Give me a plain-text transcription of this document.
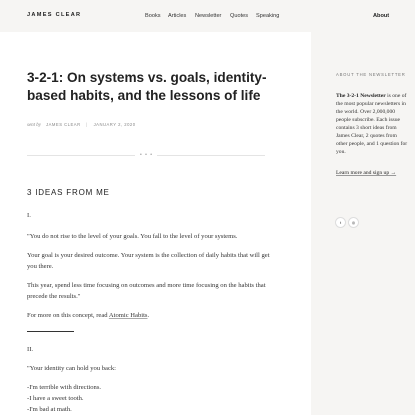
JAMES CLEAR	Books Articles Newsletter Quotes Speaking	About
3-2-1: On systems vs. goals, identity-based habits, and the lessons of life
sent by JAMES CLEAR | JANUARY 2, 2020
• • •
3 IDEAS FROM ME
I.
"You do not rise to the level of your goals. You fall to the level of your systems.
Your goal is your desired outcome. Your system is the collection of daily habits that will get you there.
This year, spend less time focusing on outcomes and more time focusing on the habits that precede the results."
For more on this concept, read Atomic Habits.
II.
"Your identity can hold you back:
-I'm terrible with directions.
-I have a sweet tooth.
-I'm bad at math.
ABOUT THE NEWSLETTER
The 3-2-1 Newsletter is one of the most popular newsletters in the world. Over 2,000,000 people subscribe. Each issue contains 3 short ideas from James Clear, 2 quotes from other people, and 1 question for you.
Learn more and sign up →
t	◎
